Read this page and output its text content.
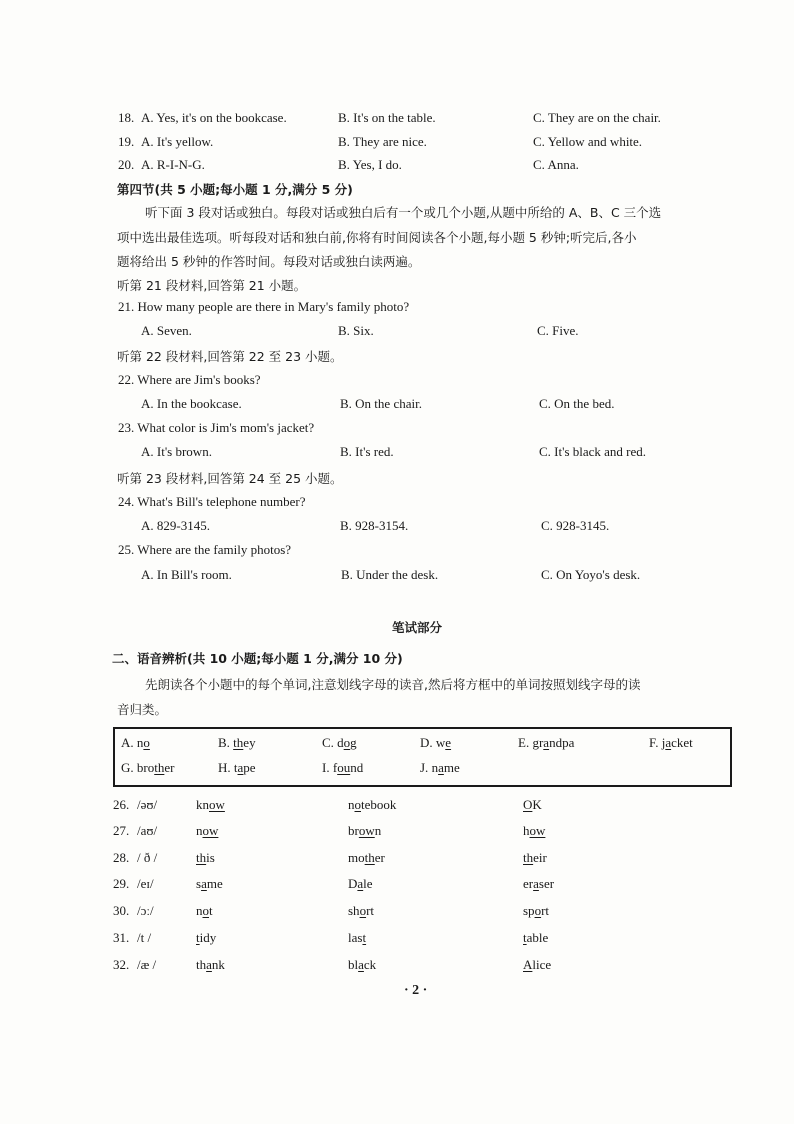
18. A. Yes, it's on the bookcase.	B. It's on the table.	C. They are on the chair.
19. A. It's yellow.	B. They are nice.	C. Yellow and white.
20. A. R-I-N-G.	B. Yes, I do.	C. Anna.
第四节(共 5 小题;每小题 1 分,满分 5 分)
听下面 3 段对话或独白。每段对话或独白后有一个或几个小题,从题中所给的 A、B、C 三个选
项中选出最佳选项。听每段对话和独白前,你将有时间阅读各个小题,每小题 5 秒钟;听完后,各小
题将给出 5 秒钟的作答时间。每段对话或独白读两遍。
听第 21 段材料,回答第 21 小题。
21. How many people are there in Mary's family photo?
A. Seven.	B. Six.	C. Five.
听第 22 段材料,回答第 22 至 23 小题。
22. Where are Jim's books?
A. In the bookcase.	B. On the chair.	C. On the bed.
23. What color is Jim's mom's jacket?
A. It's brown.	B. It's red.	C. It's black and red.
听第 23 段材料,回答第 24 至 25 小题。
24. What's Bill's telephone number?
A. 829-3145.	B. 928-3154.	C. 928-3145.
25. Where are the family photos?
A. In Bill's room.	B. Under the desk.	C. On Yoyo's desk.
笔试部分
二、语音辨析(共 10 小题;每小题 1 分,满分 10 分)
先朗读各个小题中的每个单词,注意划线字母的读音,然后将方框中的单词按照划线字母的读
音归类。
A. no	B. they	C. dog	D. we	E. grandpa	F. jacket
G. brother	H. tape	I. found	J. name
26. /əʊ/	know	notebook	OK
27. /aʊ/	now	brown	how
28. / ð /	this	mother	their
29. /eɪ/	same	Dale	eraser
30. /ɔː/	not	short	sport
31. /t /	tidy	last	table
32. /æ /	thank	black	Alice
· 2 ·
